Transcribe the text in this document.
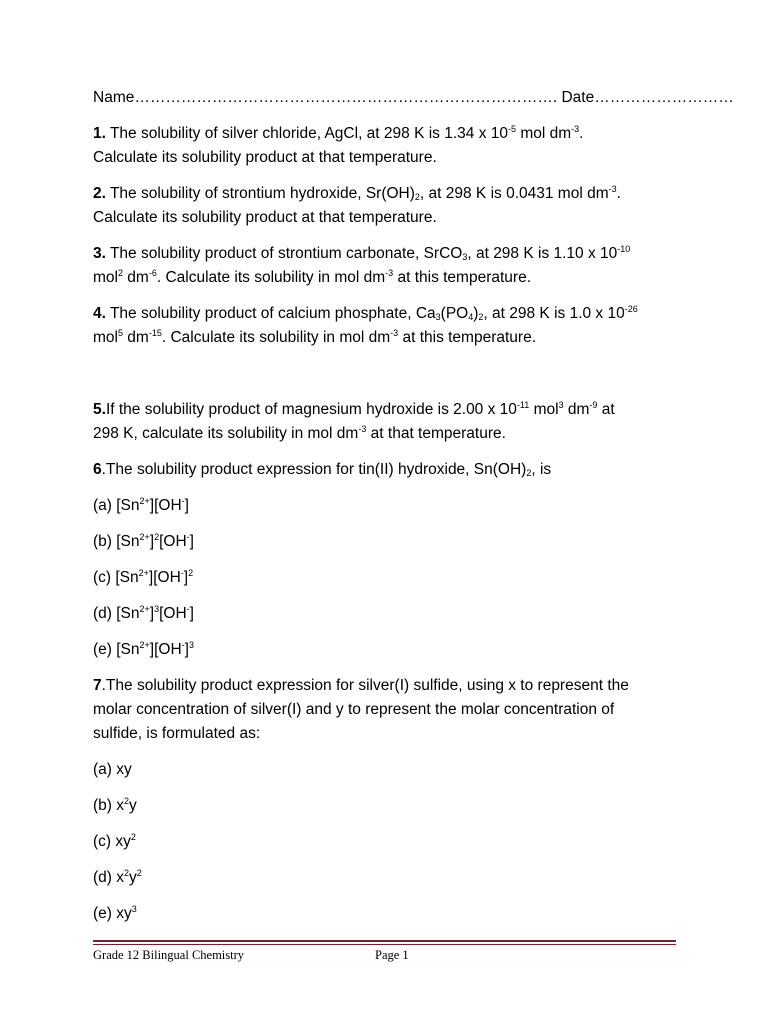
Name………………………………………………………………………. Date………………………
1. The solubility of silver chloride, AgCl, at 298 K is 1.34 x $10^{-5}$ mol $dm^{-3}$.
Calculate its solubility product at that temperature.
2. The solubility of strontium hydroxide, $Sr(OH)_2$, at 298 K is 0.0431 mol $dm^{-3}$.
Calculate its solubility product at that temperature.
3. The solubility product of strontium carbonate, SrCO$_3$, at 298 K is 1.10 x $10^{-10}$
mol$^2$ $dm^{-6}$. Calculate its solubility in mol $dm^{-3}$ at this temperature.
4. The solubility product of calcium phosphate, $Ca_3(PO_4)_2$, at 298 K is 1.0 x $10^{-26}$
mol$^5$ $dm^{-15}$. Calculate its solubility in mol $dm^{-3}$ at this temperature.
5.If the solubility product of magnesium hydroxide is 2.00 x $10^{-11}$ mol$^3$ $dm^{-9}$ at
298 K, calculate its solubility in mol $dm^{-3}$ at that temperature.
6.The solubility product expression for tin(II) hydroxide, $Sn(OH)_2$, is
(a) $[Sn^{2+}][OH^-]$
(b) $[Sn^{2+}]^2[OH^-]$
(c) $[Sn^{2+}][OH^-]^2$
(d) $[Sn^{2+}]^3[OH^-]$
(e) $[Sn^{2+}][OH^-]^3$
7.The solubility product expression for silver(I) sulfide, using x to represent the
molar concentration of silver(I) and y to represent the molar concentration of
sulfide, is formulated as:
(a) xy
(b) $x^2y$
(c) $xy^2$
(d) $x^2y^2$
(e) $xy^3$
Grade 12 Bilingual Chemistry	Page 1
